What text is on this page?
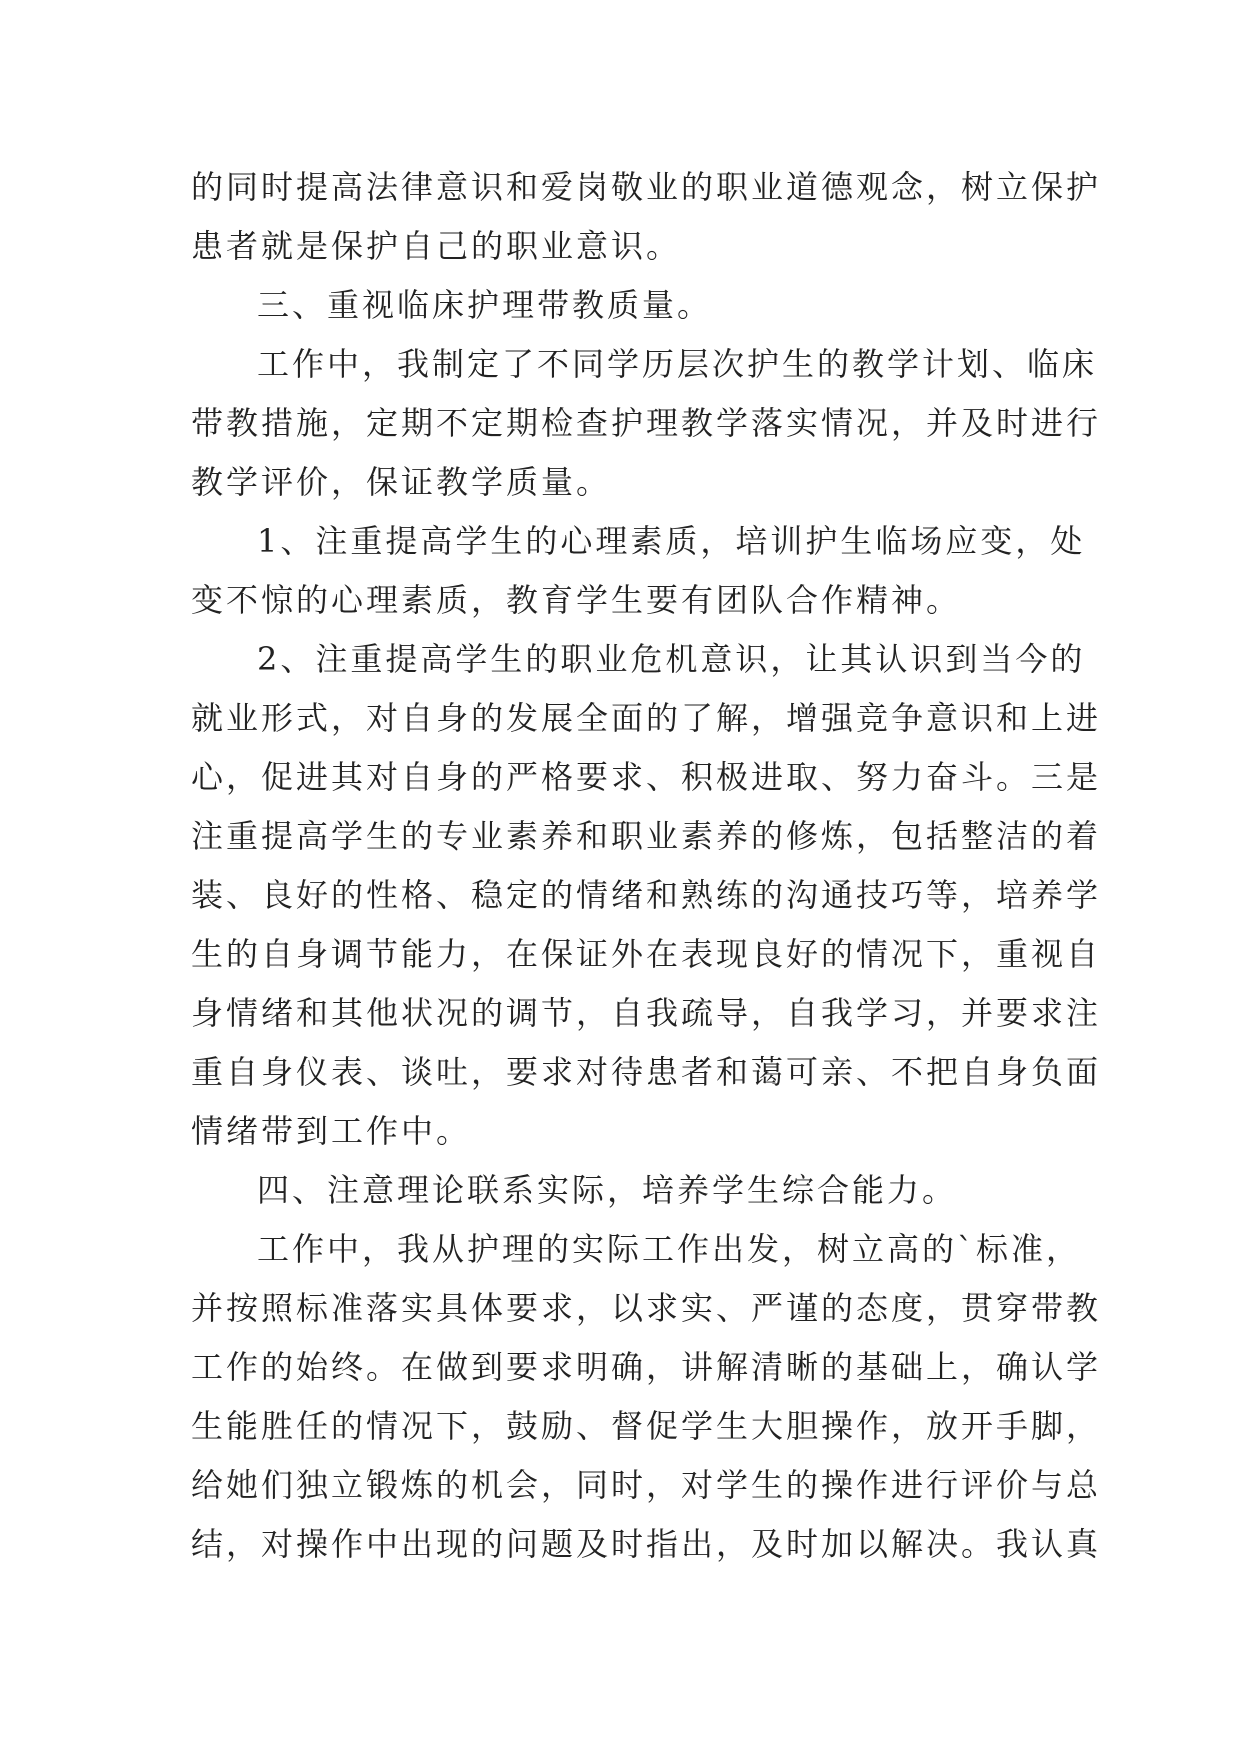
的同时提高法律意识和爱岗敬业的职业道德观念，树立保护
患者就是保护自己的职业意识。
三、重视临床护理带教质量。
工作中，我制定了不同学历层次护生的教学计划、临床
带教措施，定期不定期检查护理教学落实情况，并及时进行
教学评价，保证教学质量。
1、注重提高学生的心理素质，培训护生临场应变，处
变不惊的心理素质，教育学生要有团队合作精神。
2、注重提高学生的职业危机意识，让其认识到当今的
就业形式，对自身的发展全面的了解，增强竞争意识和上进
心，促进其对自身的严格要求、积极进取、努力奋斗。三是
注重提高学生的专业素养和职业素养的修炼，包括整洁的着
装、良好的性格、稳定的情绪和熟练的沟通技巧等，培养学
生的自身调节能力，在保证外在表现良好的情况下，重视自
身情绪和其他状况的调节，自我疏导，自我学习，并要求注
重自身仪表、谈吐，要求对待患者和蔼可亲、不把自身负面
情绪带到工作中。
四、注意理论联系实际，培养学生综合能力。
工作中，我从护理的实际工作出发，树立高的`标准，
并按照标准落实具体要求，以求实、严谨的态度，贯穿带教
工作的始终。在做到要求明确，讲解清晰的基础上，确认学
生能胜任的情况下，鼓励、督促学生大胆操作，放开手脚，
给她们独立锻炼的机会，同时，对学生的操作进行评价与总
结，对操作中出现的问题及时指出，及时加以解决。我认真
